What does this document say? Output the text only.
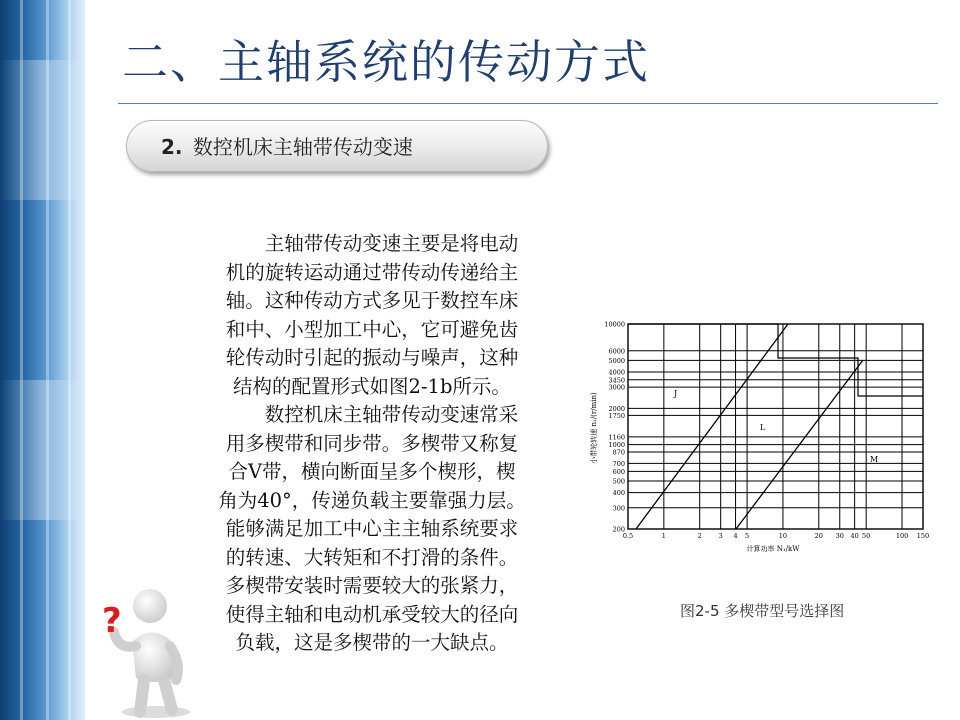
二、主轴系统的传动方式
2. 数控机床主轴带传动变速

　　主轴带传动变速主要是将电动
机的旋转运动通过带传动传递给主
轴。这种传动方式多见于数控车床
和中、小型加工中心，它可避免齿
轮传动时引起的振动与噪声，这种
结构的配置形式如图2-1b所示。
　　数控机床主轴带传动变速常采
用多楔带和同步带。多楔带又称复
合V带，横向断面呈多个楔形，楔
角为40°，传递负载主要靠强力层。
能够满足加工中心主主轴系统要求
的转速、大转矩和不打滑的条件。
多楔带安装时需要较大的张紧力，
使得主轴和电动机承受较大的径向
负载，这是多楔带的一大缺点。

10000
6000
5000
4000
3450
3000
2000
1750
1160
1000
870
700
600
500
400
300
200
0.5	1	2	3 4 5	10	20 30 40 50	100 150
J
L
M
小带轮转速 n₁/(r/min)
计算功率 N₁/kW
图2-5 多楔带型号选择图
?
